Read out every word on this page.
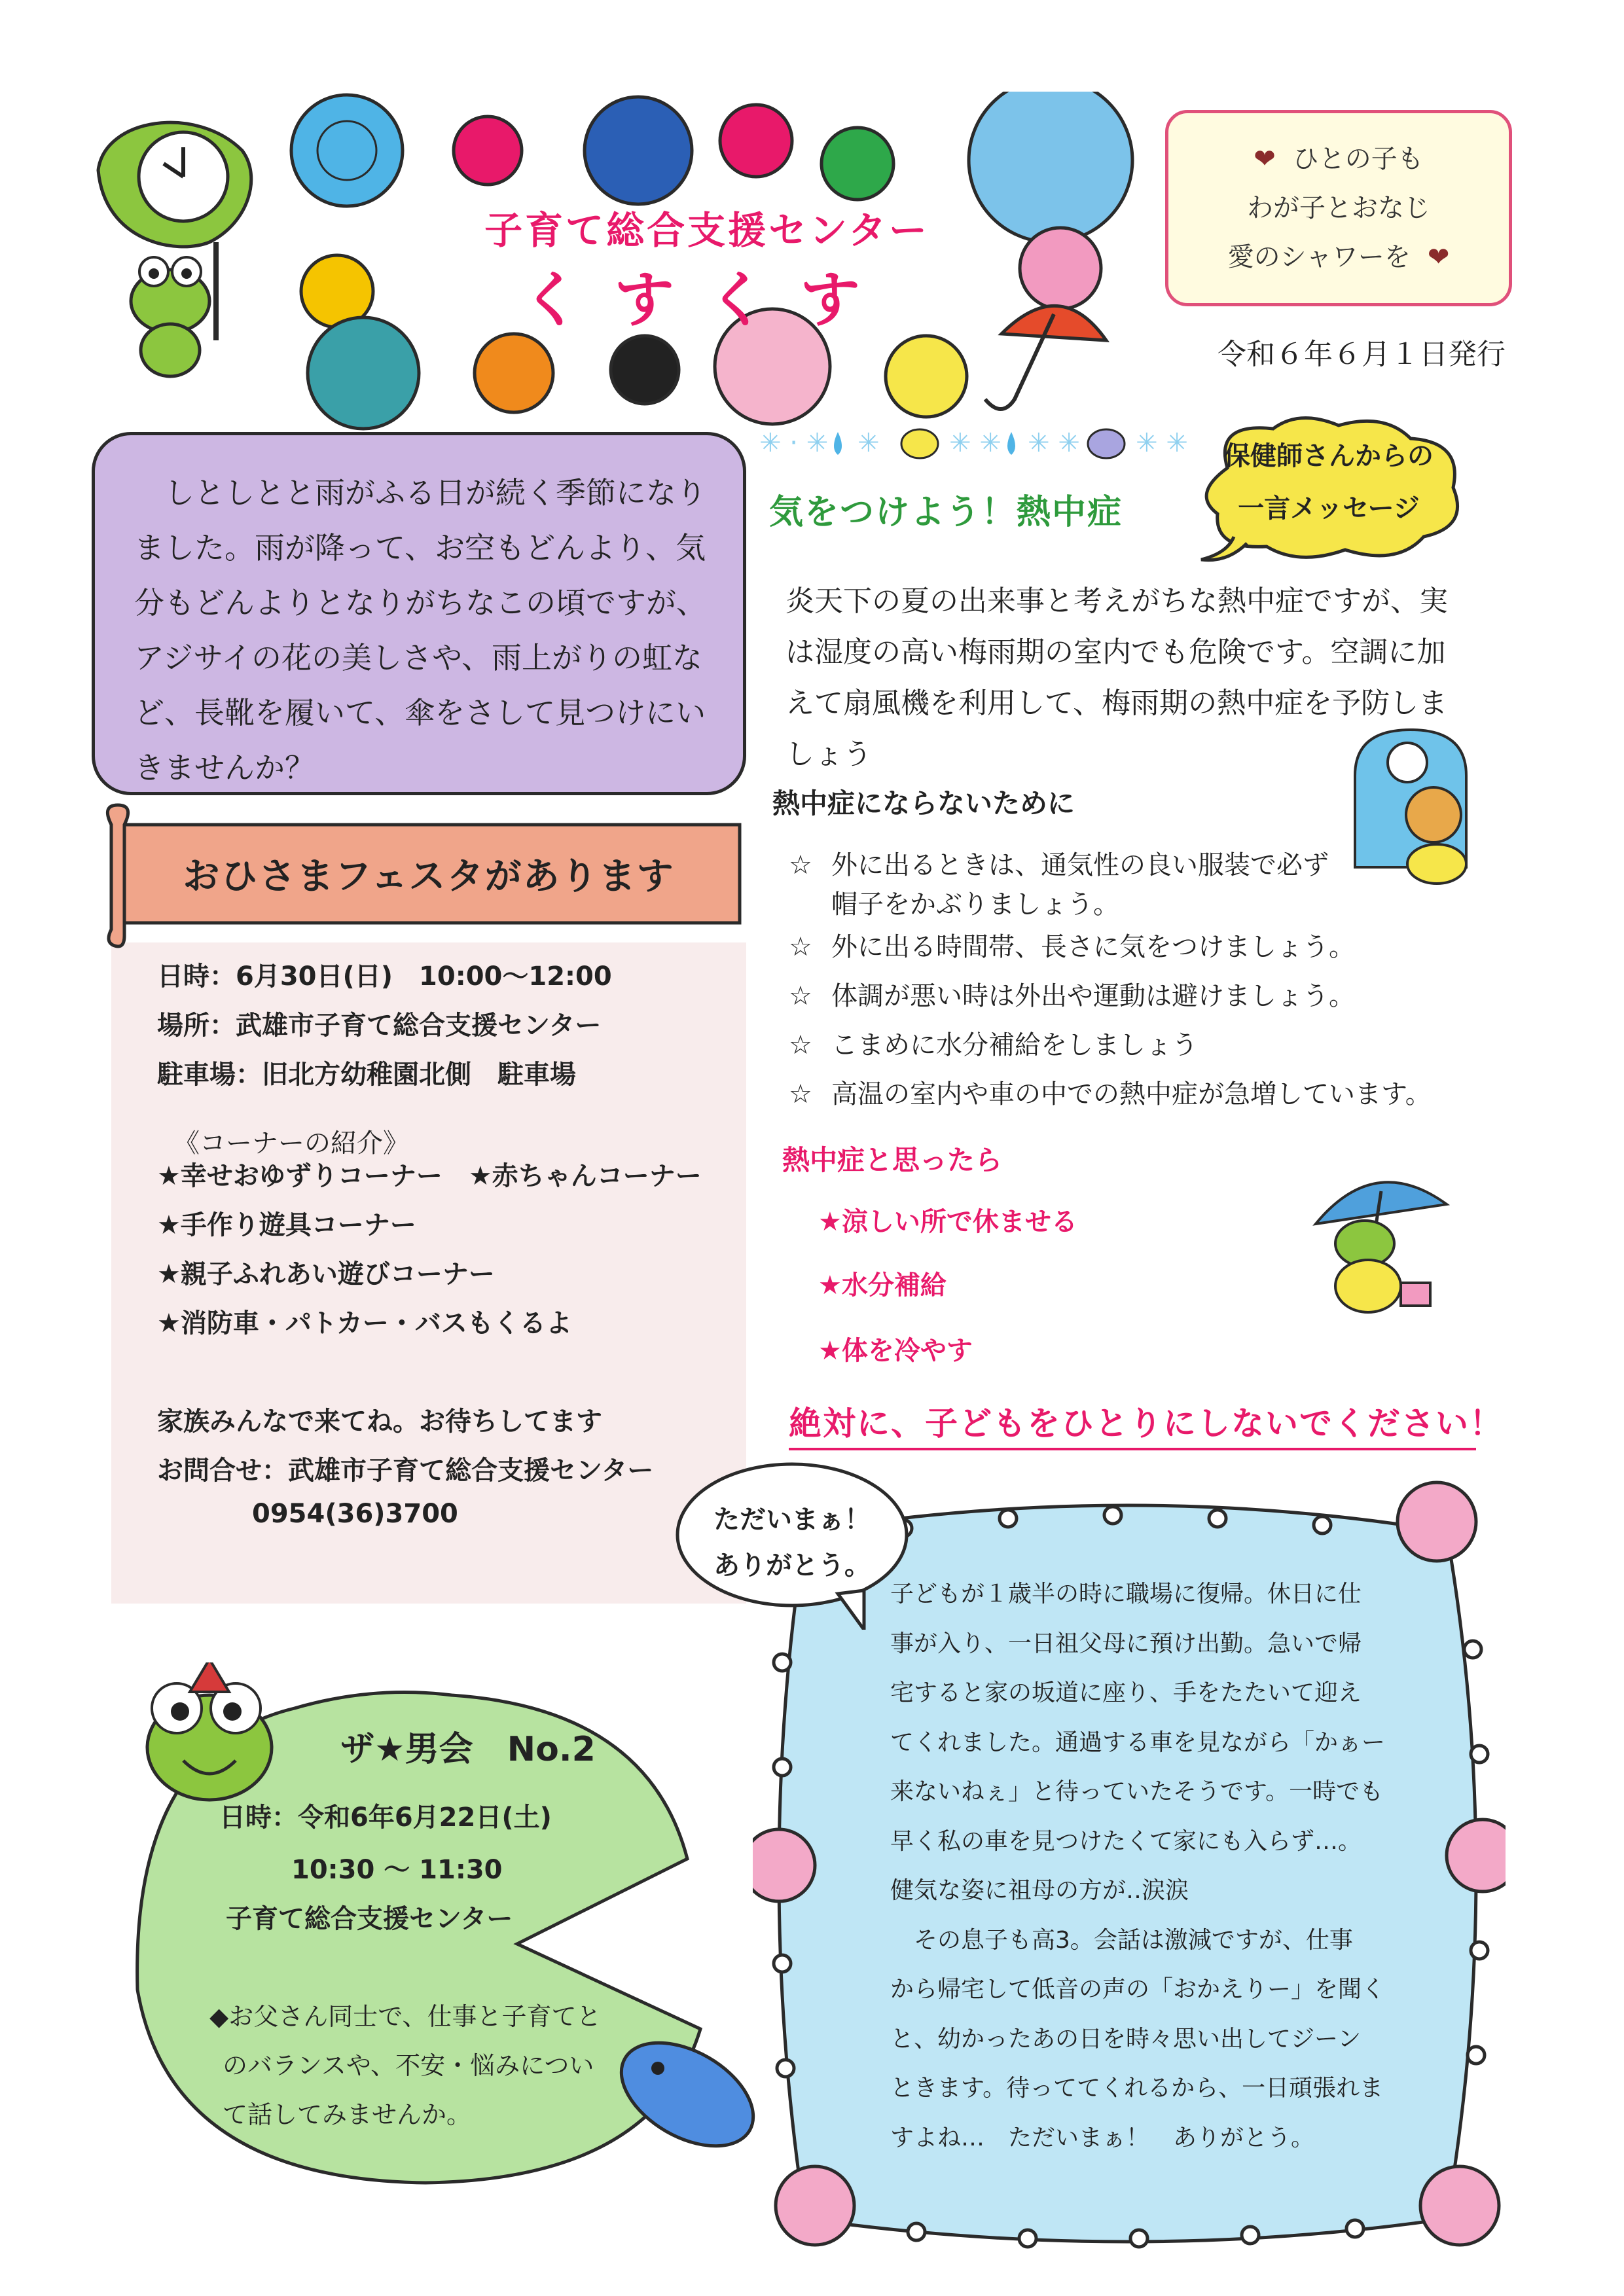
子育て総合支援センター
くすくす
❤ ひとの子も
わが子とおなじ
愛のシャワーを ❤
令和６年６月１日発行

しとしとと雨がふる日が続く季節になりました。雨が降って、お空もどんより、気分もどんよりとなりがちなこの頃ですが、アジサイの花の美しさや、雨上がりの虹など、長靴を履いて、傘をさして見つけにいきませんか？

✳ · ✳ ✳	✳ ✳ ✳ ✳ ✳ ✳
気をつけよう！熱中症
保健師さんからの
一言メッセージ
炎天下の夏の出来事と考えがちな熱中症ですが、実は湿度の高い梅雨期の室内でも危険です。空調に加えて扇風機を利用して、梅雨期の熱中症を予防しましょう
熱中症にならないために
☆ 外に出るときは、通気性の良い服装で必ず
帽子をかぶりましょう。
☆ 外に出る時間帯、長さに気をつけましょう。
☆ 体調が悪い時は外出や運動は避けましょう。
☆ こまめに水分補給をしましょう
☆ 高温の室内や車の中での熱中症が急増しています。
熱中症と思ったら
★涼しい所で休ませる
★水分補給
★体を冷やす
絶対に、子どもをひとりにしないでください！
おひさまフェスタがあります
日時：6月30日(日)　10:00～12:00
場所：武雄市子育て総合支援センター
駐車場：旧北方幼稚園北側　駐車場
《コーナーの紹介》
★幸せおゆずりコーナー　★赤ちゃんコーナー
★手作り遊具コーナー
★親子ふれあい遊びコーナー
★消防車・パトカー・バスもくるよ
家族みんなで来てね。お待ちしてます
お問合せ：武雄市子育て総合支援センター
0954(36)3700
ザ★男会　No.2
日時：令和6年6月22日(土)
10:30 ～ 11:30
子育て総合支援センター
◆お父さん同士で、仕事と子育てと
のバランスや、不安・悩みについ
て話してみませんか。
ただいまぁ！
ありがとう。
子どもが１歳半の時に職場に復帰。休日に仕
事が入り、一日祖父母に預け出勤。急いで帰
宅すると家の坂道に座り、手をたたいて迎え
てくれました。通過する車を見ながら「かぁー
来ないねぇ」と待っていたそうです。一時でも
早く私の車を見つけたくて家にも入らず…。
健気な姿に祖母の方が‥涙涙
　その息子も高3。会話は激減ですが、仕事
から帰宅して低音の声の「おかえりー」を聞く
と、幼かったあの日を時々思い出してジーン
ときます。待っててくれるから、一日頑張れま
すよね…　ただいまぁ！　ありがとう。
